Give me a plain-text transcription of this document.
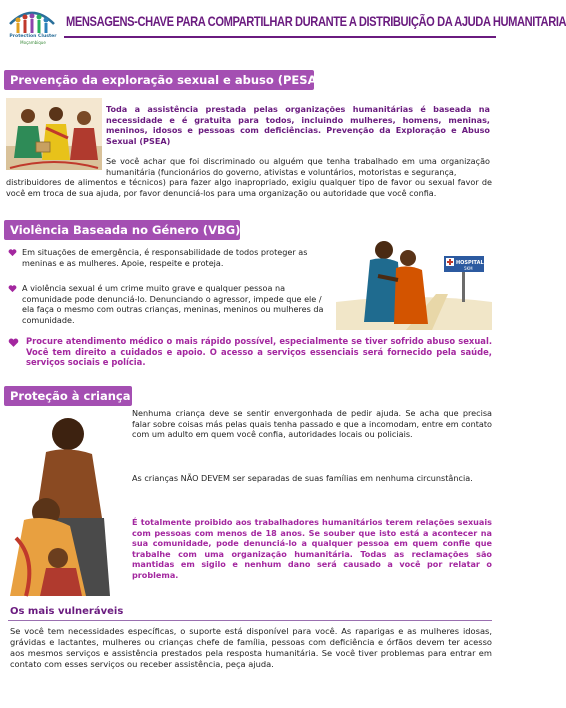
Protection Cluster
Moçambique
MENSAGENS-CHAVE PARA COMPARTILHAR DURANTE A DISTRIBUIÇÃO DA AJUDA HUMANITARIA
Prevenção da exploração sexual e abuso (PESA)
Toda a assistência prestada pelas organizações humanitárias é baseada na necessidade e é gratuita para todos, incluindo mulheres, homens, meninas, meninos, idosos e pessoas com deficiências. Prevenção da Exploração e Abuso Sexual (PSEA)
Se você achar que foi discriminado ou alguém que tenha trabalhado em uma organização humanitária (funcionários do governo, ativistas e voluntários, motoristas e segurança,
distribuidores de alimentos e técnicos) para fazer algo inapropriado, exigiu qualquer tipo de favor ou sexual favor de você em troca de sua ajuda, por favor denunciá-los para uma organização ou autoridade que você confia.
Violência Baseada no Género (VBG)
Em situações de emergência, é responsabilidade de todos proteger as meninas e as mulheres. Apoie, respeite e proteja.
A violência sexual é um crime muito grave e qualquer pessoa na comunidade pode denunciá-lo. Denunciando o agressor, impede que ele / ela faça o mesmo com outras crianças, meninas, meninos ou mulheres da comunidade.
HOSPITAL
5KM
Procure atendimento médico o mais rápido possível, especialmente se tiver sofrido abuso sexual. Você tem direito a cuidados e apoio. O acesso a serviços essenciais será fornecido pela saúde, serviços sociais e polícia.
Proteção à criança
Nenhuma criança deve se sentir envergonhada de pedir ajuda. Se acha que precisa falar sobre coisas más pelas quais tenha passado e que a incomodam, entre em contato com um adulto em quem você confia, autoridades locais ou policiais.
As crianças NÃO DEVEM ser separadas de suas famílias em nenhuma circunstância.
É totalmente proibido aos trabalhadores humanitários terem relações sexuais com pessoas com menos de 18 anos. Se souber que isto está a acontecer na sua comunidade, pode denunciá-lo a qualquer pessoa em quem confie que trabalhe com uma organização humanitária. Todas as reclamações são mantidas em sigilo e nenhum dano será causado a você por relatar o problema.
Os mais vulneráveis
Se você tem necessidades específicas, o suporte está disponível para você. As raparigas e as mulheres idosas, grávidas e lactantes, mulheres ou crianças chefe de família, pessoas com deficiência e órfãos devem ter acesso aos mesmos serviços e assistência prestados pela resposta humanitária. Se você tiver problemas para entrar em contato com esses serviços ou receber assistência, peça ajuda.
